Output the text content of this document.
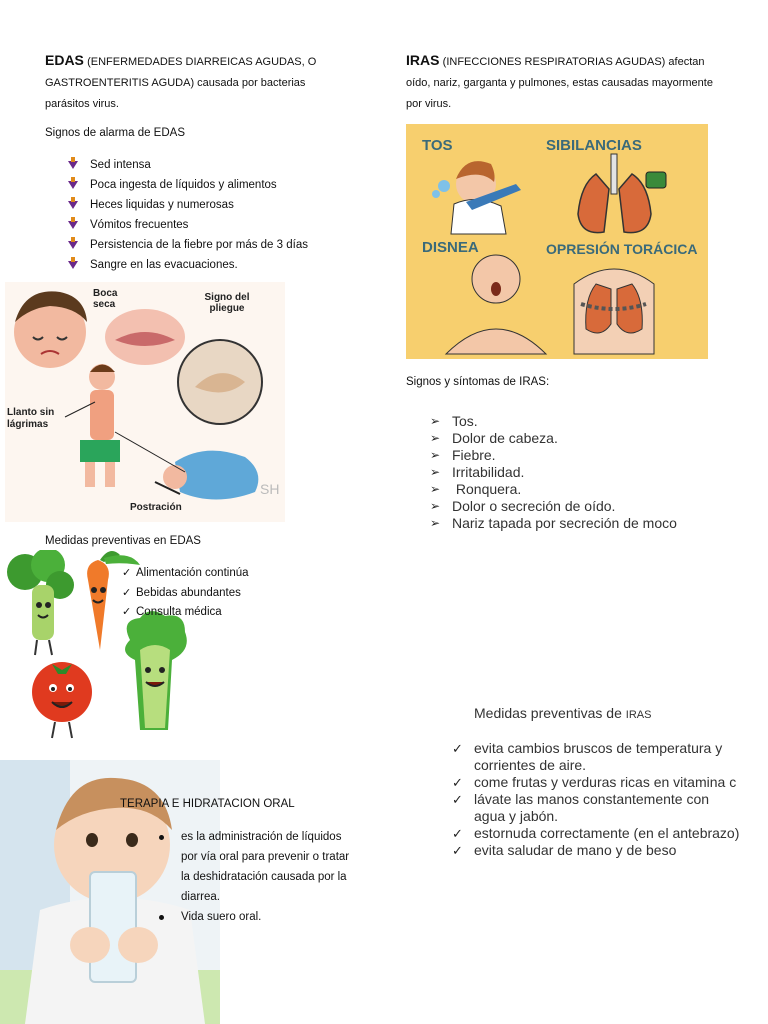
EDAS (ENFERMEDADES DIARREICAS AGUDAS, O GASTROENTERITIS AGUDA) causada por bacterias parásitos virus.
Signos de alarma de EDAS
Sed intensa
Poca ingesta de líquidos y alimentos
Heces liquidas y numerosas
Vómitos frecuentes
Persistencia de la fiebre por más de 3 días
Sangre en las evacuaciones.
SH
Boca seca
Signo del pliegue
Llanto sin lágrimas
Postración
Medidas preventivas en EDAS
✓ Alimentación continúa
✓ Bebidas abundantes
✓ Consulta médica
TERAPIA E HIDRATACION ORAL
es la administración de líquidos
por vía oral para prevenir o tratar
la deshidratación causada por la
diarrea.
Vida suero oral.
IRAS (INFECCIONES RESPIRATORIAS AGUDAS) afectan oído, nariz, garganta y pulmones, estas causadas mayormente por virus.
TOS	SIBILANCIAS
DISNEA	OPRESIÓN TORÁCICA
Signos y síntomas de IRAS:
➢ Tos.
➢ Dolor de cabeza.
➢ Fiebre.
➢ Irritabilidad.
➢  Ronquera.
➢ Dolor o secreción de oído.
➢ Nariz tapada por secreción de moco
Medidas preventivas de IRAS
✓ evita cambios bruscos de temperatura y corrientes de aire.
✓ come frutas y verduras ricas en vitamina c
✓ lávate las manos constantemente con agua y jabón.
✓ estornuda correctamente (en el antebrazo)
✓ evita saludar de mano y de beso
